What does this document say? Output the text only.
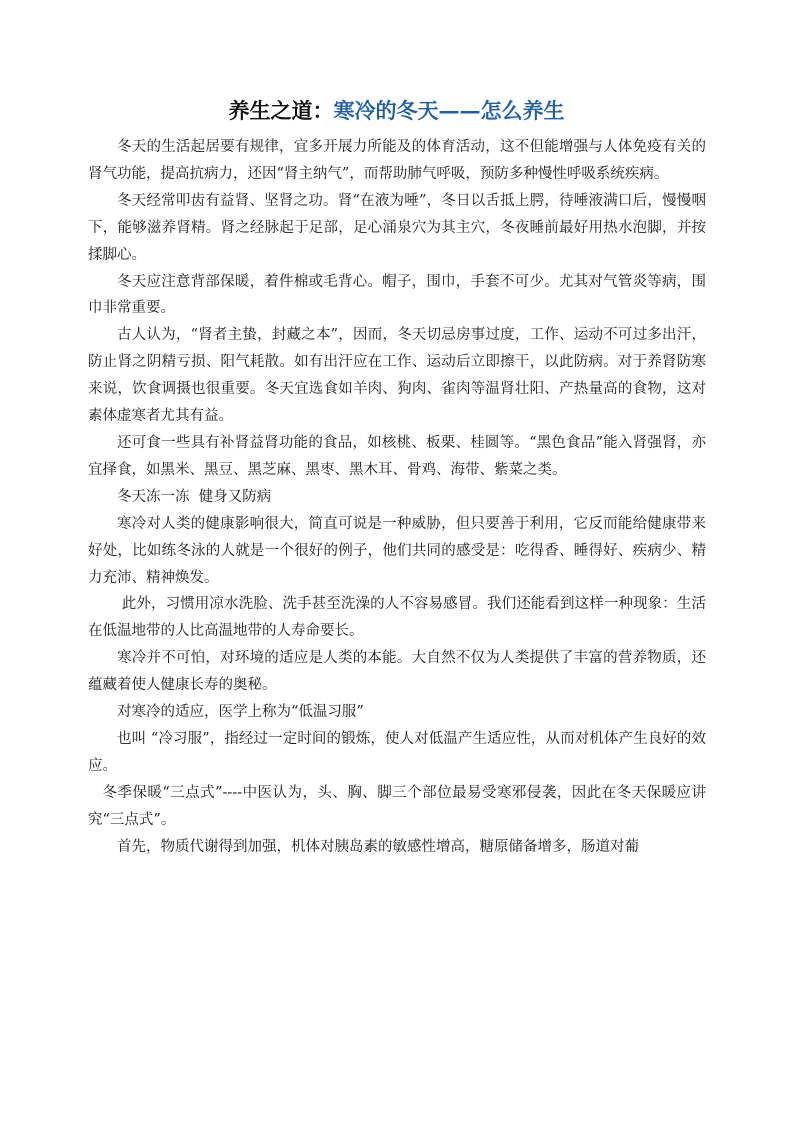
养生之道：寒冷的冬天——怎么养生

冬天的生活起居要有规律，宜多开展力所能及的体育活动，这不但能增强与人体免疫有关的肾气功能，提高抗病力，还因“肾主纳气”，而帮助肺气呼吸，预防多种慢性呼吸系统疾病。

冬天经常叩齿有益肾、坚肾之功。肾“在液为唾”，冬日以舌抵上腭，待唾液满口后，慢慢咽下，能够滋养肾精。肾之经脉起于足部，足心涌泉穴为其主穴，冬夜睡前最好用热水泡脚，并按揉脚心。

冬天应注意背部保暖，着件棉或毛背心。帽子，围巾，手套不可少。尤其对气管炎等病，围巾非常重要。

古人认为，“肾者主蛰，封藏之本”，因而，冬天切忌房事过度，工作、运动不可过多出汗，防止肾之阴精亏损、阳气耗散。如有出汗应在工作、运动后立即擦干，以此防病。对于养肾防寒来说，饮食调摄也很重要。冬天宜选食如羊肉、狗肉、雀肉等温肾壮阳、产热量高的食物，这对素体虚寒者尤其有益。

还可食一些具有补肾益肾功能的食品，如核桃、板栗、桂圆等。“黑色食品”能入肾强肾，亦宜择食，如黑米、黑豆、黑芝麻、黑枣、黑木耳、骨鸡、海带、紫菜之类。

冬天冻一冻  健身又防病

寒冷对人类的健康影响很大，简直可说是一种威胁，但只要善于利用，它反而能给健康带来好处，比如练冬泳的人就是一个很好的例子，他们共同的感受是：吃得香、睡得好、疾病少、精力充沛、精神焕发。

此外，习惯用凉水洗脸、洗手甚至洗澡的人不容易感冒。我们还能看到这样一种现象：生活在低温地带的人比高温地带的人寿命要长。

寒冷并不可怕，对环境的适应是人类的本能。大自然不仅为人类提供了丰富的营养物质，还蕴藏着使人健康长寿的奥秘。

对寒冷的适应，医学上称为“低温习服”

也叫 “冷习服”，指经过一定时间的锻炼，使人对低温产生适应性，从而对机体产生良好的效应。

冬季保暖“三点式”----中医认为，头、胸、脚三个部位最易受寒邪侵袭，因此在冬天保暖应讲究“三点式”。

首先，物质代谢得到加强，机体对胰岛素的敏感性增高，糖原储备增多，肠道对葡
